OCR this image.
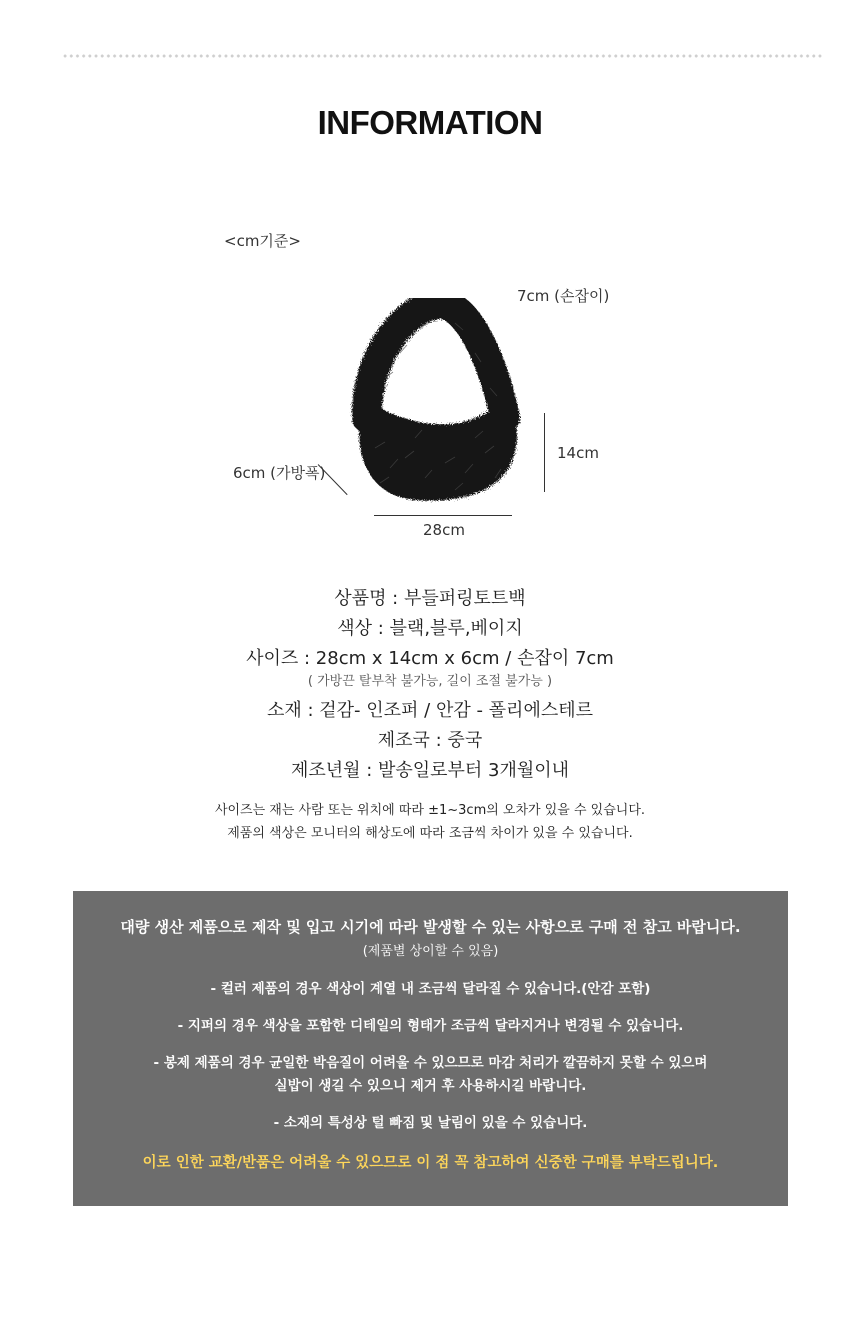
INFORMATION
<cm기준>
7cm (손잡이)
14cm
28cm
6cm (가방폭)
상품명 : 부들퍼링토트백
색상 : 블랙,블루,베이지
사이즈 : 28cm x 14cm x 6cm / 손잡이 7cm
( 가방끈 탈부착 불가능, 길이 조절 불가능 )
소재 : 겉감- 인조퍼 / 안감 - 폴리에스테르
제조국 : 중국
제조년월 : 발송일로부터 3개월이내
사이즈는 재는 사람 또는 위치에 따라 ±1~3cm의 오차가 있을 수 있습니다.
제품의 색상은 모니터의 해상도에 따라 조금씩 차이가 있을 수 있습니다.
대량 생산 제품으로 제작 및 입고 시기에 따라 발생할 수 있는 사항으로 구매 전 참고 바랍니다.
(제품별 상이할 수 있음)
- 컬러 제품의 경우 색상이 계열 내 조금씩 달라질 수 있습니다.(안감 포함)
- 지퍼의 경우 색상을 포함한 디테일의 형태가 조금씩 달라지거나 변경될 수 있습니다.
- 봉제 제품의 경우 균일한 박음질이 어려울 수 있으므로 마감 처리가 깔끔하지 못할 수 있으며
실밥이 생길 수 있으니 제거 후 사용하시길 바랍니다.
- 소재의 특성상 털 빠짐 및 날림이 있을 수 있습니다.
이로 인한 교환/반품은 어려울 수 있으므로 이 점 꼭 참고하여 신중한 구매를 부탁드립니다.
